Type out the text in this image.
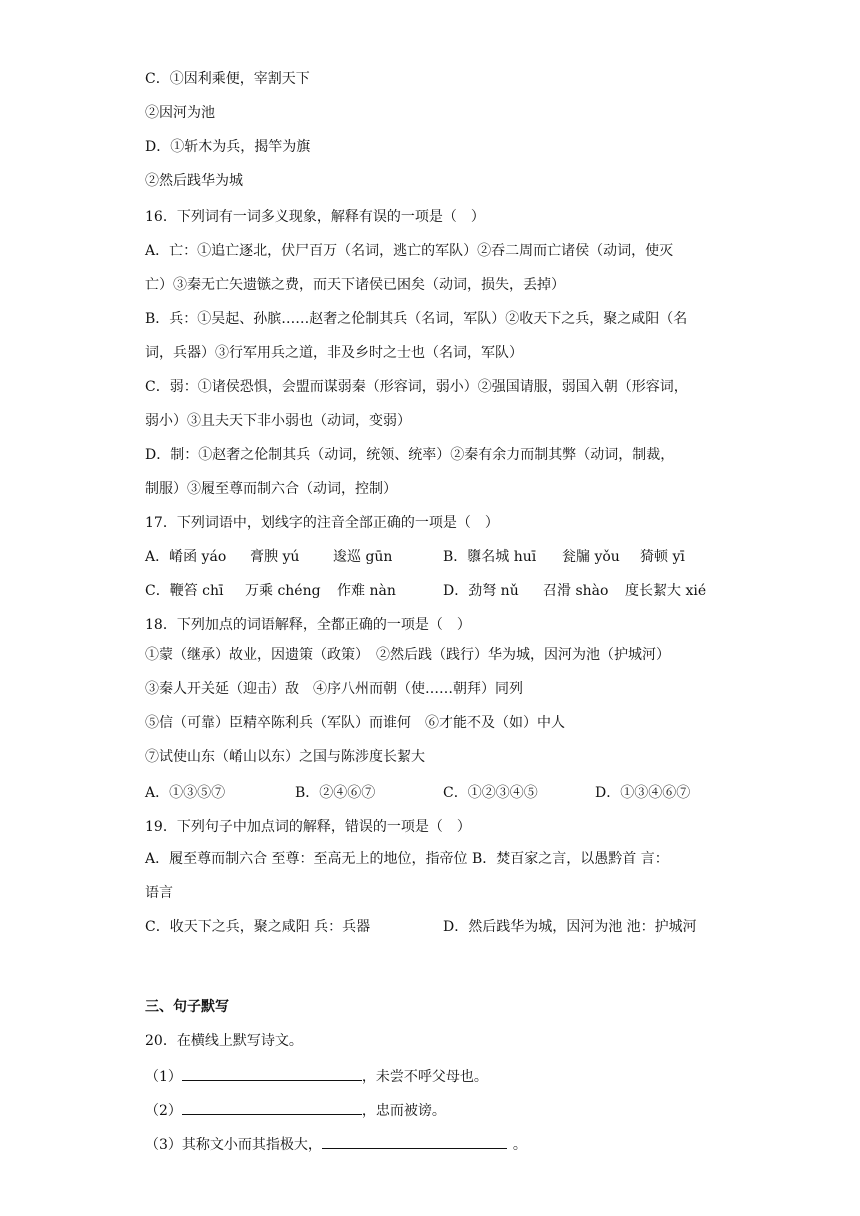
C．①因利乘便，宰割天下
②因河为池
D．①斩木为兵，揭竿为旗
②然后践华为城
16．下列词有一词多义现象，解释有误的一项是（　）
A．亡：①追亡逐北，伏尸百万（名词，逃亡的军队）②吞二周而亡诸侯（动词，使灭
亡）③秦无亡矢遗镞之费，而天下诸侯已困矣（动词，损失，丢掉）
B．兵：①吴起、孙膑……赵奢之伦制其兵（名词，军队）②收天下之兵，聚之咸阳（名
词，兵器）③行军用兵之道，非及乡时之士也（名词，军队）
C．弱：①诸侯恐惧，会盟而谋弱秦（形容词，弱小）②强国请服，弱国入朝（形容词，
弱小）③且夫天下非小弱也（动词，变弱）
D．制：①赵奢之伦制其兵（动词，统领、统率）②秦有余力而制其弊（动词，制裁，
制服）③履至尊而制六合（动词，控制）
17．下列词语中，划线字的注音全部正确的一项是（　）
A．崤函 yáo 膏腴 yú 逡巡 gūn	B．隳名城 huī 瓮牖 yǒu 猗顿 yī
C．鞭笞 chī 万乘 chéng 作难 nàn	D．劲弩 nǔ 召滑 shào 度长絜大 xié
18．下列加点的词语解释，全都正确的一项是（　）
①蒙（继承）故业，因遗策（政策）　②然后践（践行）华为城，因河为池（护城河）
③秦人开关延（迎击）敌　④序八州而朝（使……朝拜）同列
⑤信（可靠）臣精卒陈利兵（军队）而谁何　⑥才能不及（如）中人
⑦试使山东（崤山以东）之国与陈涉度长絜大
A．①③⑤⑦	B．②④⑥⑦	C．①②③④⑤	D．①③④⑥⑦
19．下列句子中加点词的解释，错误的一项是（　）
A．履至尊而制六合 至尊：至高无上的地位，指帝位 B．焚百家之言，以愚黔首 言：
语言
C．收天下之兵，聚之咸阳 兵：兵器	D．然后践华为城，因河为池 池：护城河
三、句子默写
20．在横线上默写诗文。
（1）	，未尝不呼父母也。
（2）	，忠而被谤。
（3）其称文小而其指极大，	。
